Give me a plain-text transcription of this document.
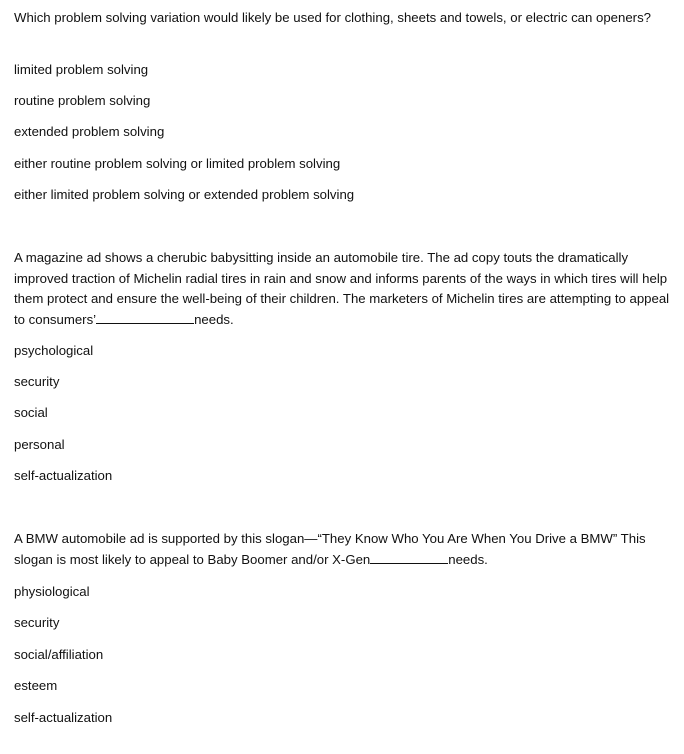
Which problem solving variation would likely be used for clothing, sheets and towels, or electric can openers?
limited problem solving
routine problem solving
extended problem solving
either routine problem solving or limited problem solving
either limited problem solving or extended problem solving
A magazine ad shows a cherubic babysitting inside an automobile tire. The ad copy touts the dramatically improved traction of Michelin radial tires in rain and snow and informs parents of the ways in which tires will help them protect and ensure the well-being of their children. The marketers of Michelin tires are attempting to appeal to consumers’	needs.
psychological
security
social
personal
self-actualization
A BMW automobile ad is supported by this slogan—“They Know Who You Are When You Drive a BMW” This slogan is most likely to appeal to Baby Boomer and/or X-Gen	needs.
physiological
security
social/affiliation
esteem
self-actualization
